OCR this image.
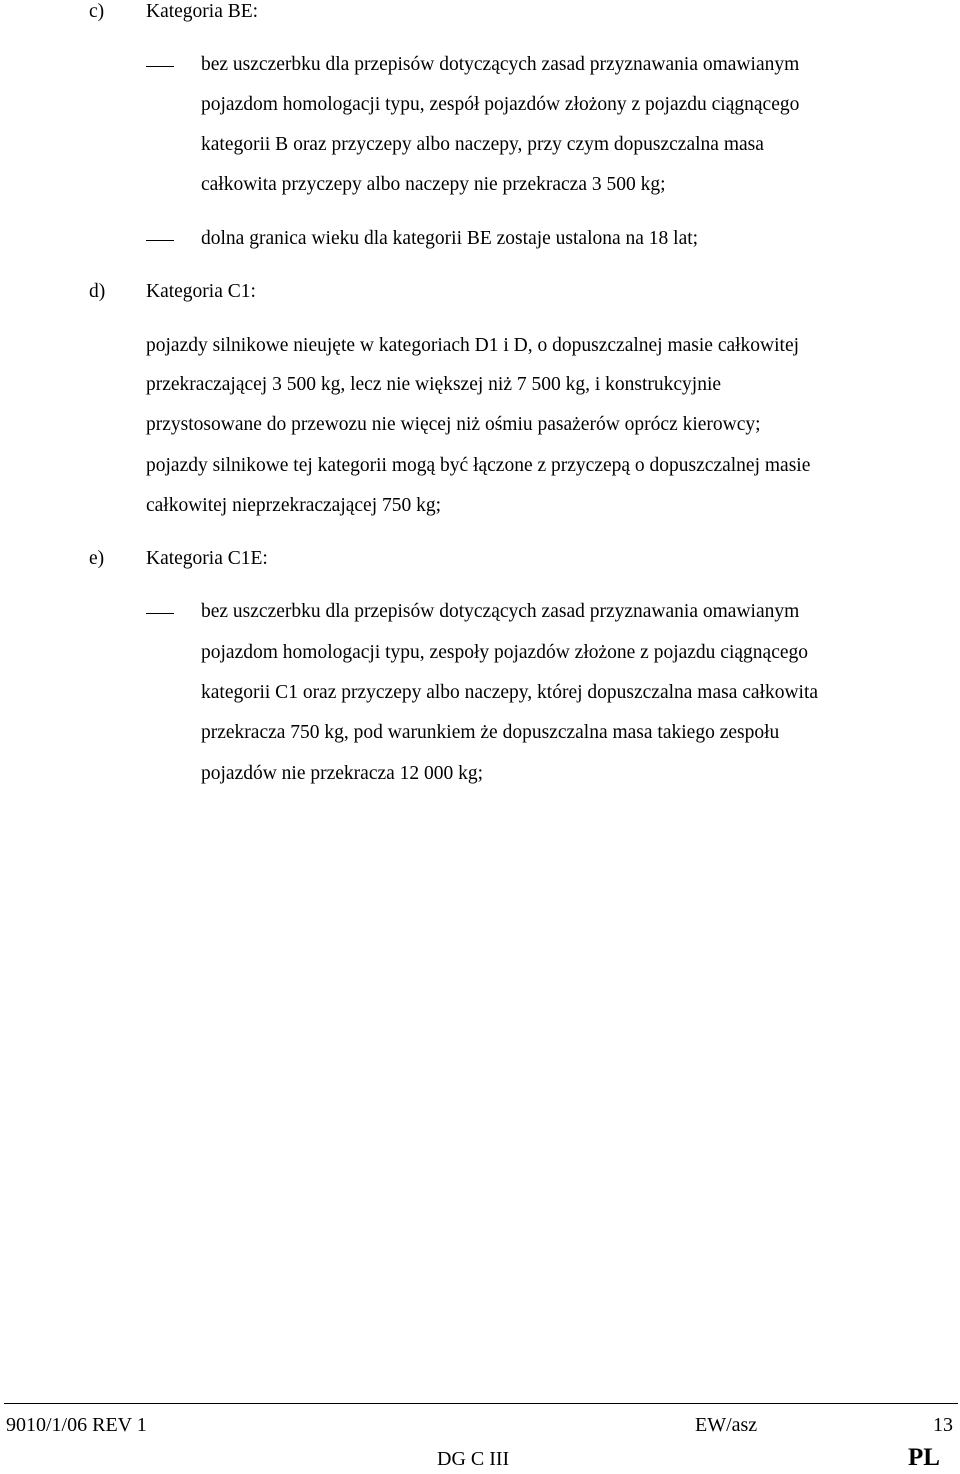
c) Kategoria BE:
bez uszczerbku dla przepisów dotyczących zasad przyznawania omawianym
pojazdom homologacji typu, zespół pojazdów złożony z pojazdu ciągnącego
kategorii B oraz przyczepy albo naczepy, przy czym dopuszczalna masa
całkowita przyczepy albo naczepy nie przekracza 3 500 kg;
dolna granica wieku dla kategorii BE zostaje ustalona na 18 lat;
d) Kategoria C1:
pojazdy silnikowe nieujęte w kategoriach D1 i D, o dopuszczalnej masie całkowitej
przekraczającej 3 500 kg, lecz nie większej niż 7 500 kg, i konstrukcyjnie
przystosowane do przewozu nie więcej niż ośmiu pasażerów oprócz kierowcy;
pojazdy silnikowe tej kategorii mogą być łączone z przyczepą o dopuszczalnej masie
całkowitej nieprzekraczającej 750 kg;
e) Kategoria C1E:
bez uszczerbku dla przepisów dotyczących zasad przyznawania omawianym
pojazdom homologacji typu, zespoły pojazdów złożone z pojazdu ciągnącego
kategorii C1 oraz przyczepy albo naczepy, której dopuszczalna masa całkowita
przekracza 750 kg, pod warunkiem że dopuszczalna masa takiego zespołu
pojazdów nie przekracza 12 000 kg;
9010/1/06 REV 1	EW/asz	13
DG C III	PL
